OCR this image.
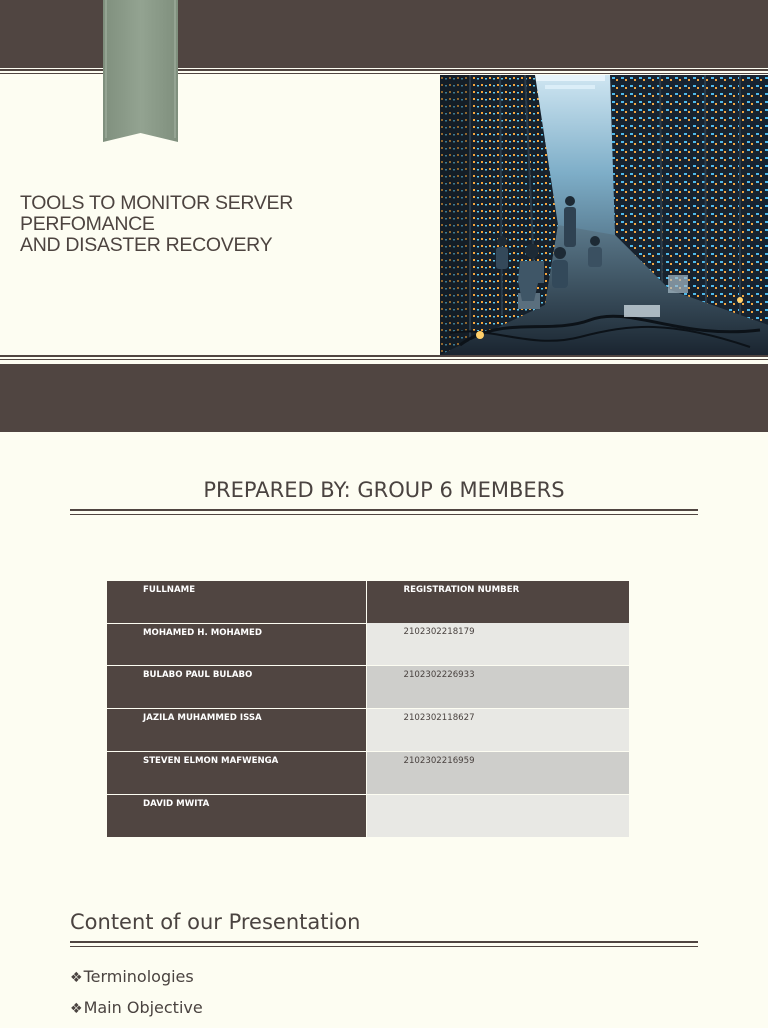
TOOLS TO MONITOR SERVER PERFOMANCE
AND DISASTER RECOVERY
PREPARED BY: GROUP 6 MEMBERS
FULLNAME	REGISTRATION NUMBER
MOHAMED H. MOHAMED	2102302218179
BULABO PAUL BULABO	2102302226933
JAZILA MUHAMMED ISSA	2102302118627
STEVEN ELMON MAFWENGA	2102302216959
DAVID MWITA	
Content of our Presentation
❖Terminologies
❖Main Objective
